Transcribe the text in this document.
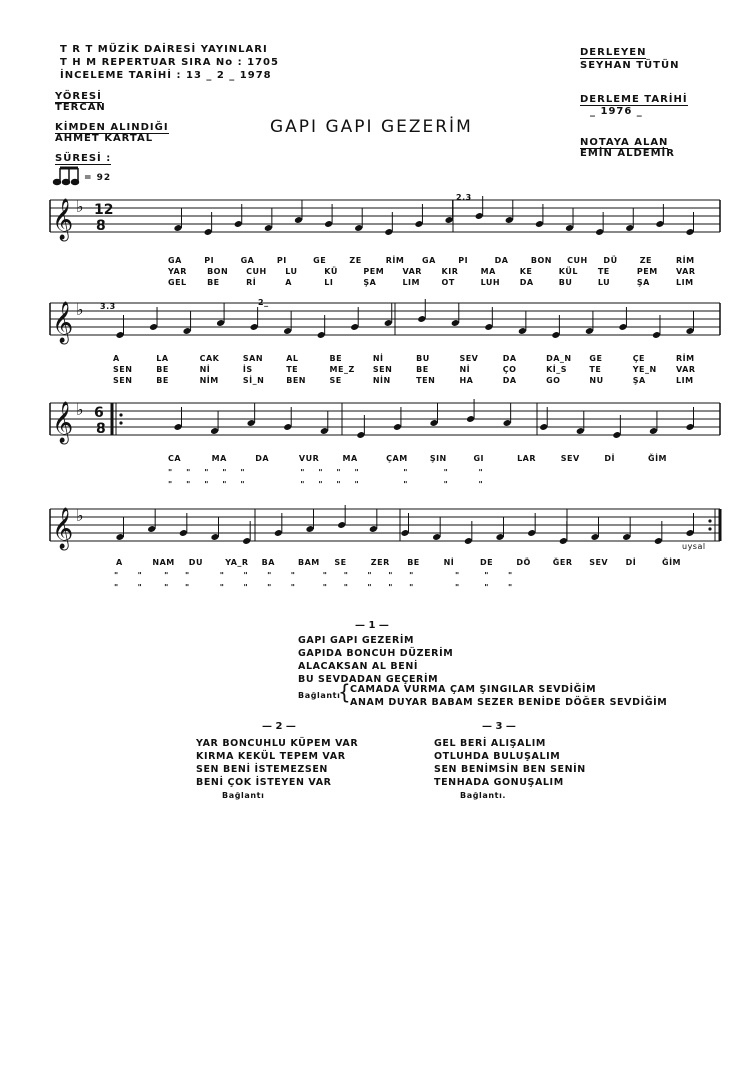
T R T MÜZİK DAİRESİ YAYINLARI
T H M REPERTUAR SIRA No : 1705
İNCELEME TARİHİ : 13 _ 2 _ 1978
YÖRESİ
TERCAN
KİMDEN ALINDIĞI
AHMET KARTAL
SÜRESİ :
= 92
DERLEYEN
SEYHAN TÜTÜN
DERLEME TARİHİ
_ 1976 _
NOTAYA ALAN
EMİN ALDEMİR
GAPI GAPI GEZERİM
𝄞 ♭ 12
8
𝄞 ♭
𝄞 ♭ 6
8
𝄞 ♭
2.3
3.3	2_
uysal
GA	PI	GA	PI	GE	ZE	RİM GA	PI	DA	BON CUH DÜ	ZE	RİM
YAR	BON CUH LU	KÜ	PEM VAR KIR	MA	KE	KÜL TE	PEM VAR
GEL	BE	Rİ	A	LI	ŞA	LIM	OT	LUH DA	BU	LU	ŞA	LIM
A	LA	CAK	SAN	AL	BE	Nİ	BU	SEV	DA	DA_N GE	ÇE	RİM
SEN	BE	Nİ	İS	TE	ME_Z SEN	BE	Nİ	ÇO	Kİ_S	TE	YE_N VAR
SEN	BE	NİM	Sİ_N	BEN	SE	NİN	TEN	HA	DA	GO	NU	ŞA	LIM
CA	MA	DA	VUR	MA	ÇAM	ŞIN	GI	LAR	SEV	Dİ	ĞİM
A	NAM DU	YA_R BA	BAM SE	ZER BE	Nİ	DE	DÖ	ĞER SEV Dİ	ĞİM
"     "     "     "     "                    "     "     "     "                "             "           "
"     "     "     "     "                    "     "     "     "                "             "           "
"       "        "      "           "       "       "       "          "      "       "      "      "               "         "       "
"       "        "      "           "       "       "       "          "      "       "      "      "               "         "       "
— 1 —
GAPI GAPI GEZERİM
GAPIDA BONCUH DÜZERİM
ALACAKSAN AL BENİ
BU SEVDADAN GEÇERİM
Bağlantı
{
CAMADA VURMA ÇAM ŞINGILAR SEVDİĞİM
ANAM DUYAR BABAM SEZER BENİDE DÖĞER SEVDİĞİM
— 2 —
YAR BONCUHLU KÜPEM VAR
KIRMA KEKÜL TEPEM VAR
SEN BENİ İSTEMEZSEN
BENİ ÇOK İSTEYEN VAR
Bağlantı
— 3 —
GEL BERİ ALIŞALIM
OTLUHDA BULUŞALIM
SEN BENİMSİN BEN SENİN
TENHADA GONUŞALIM
Bağlantı.
